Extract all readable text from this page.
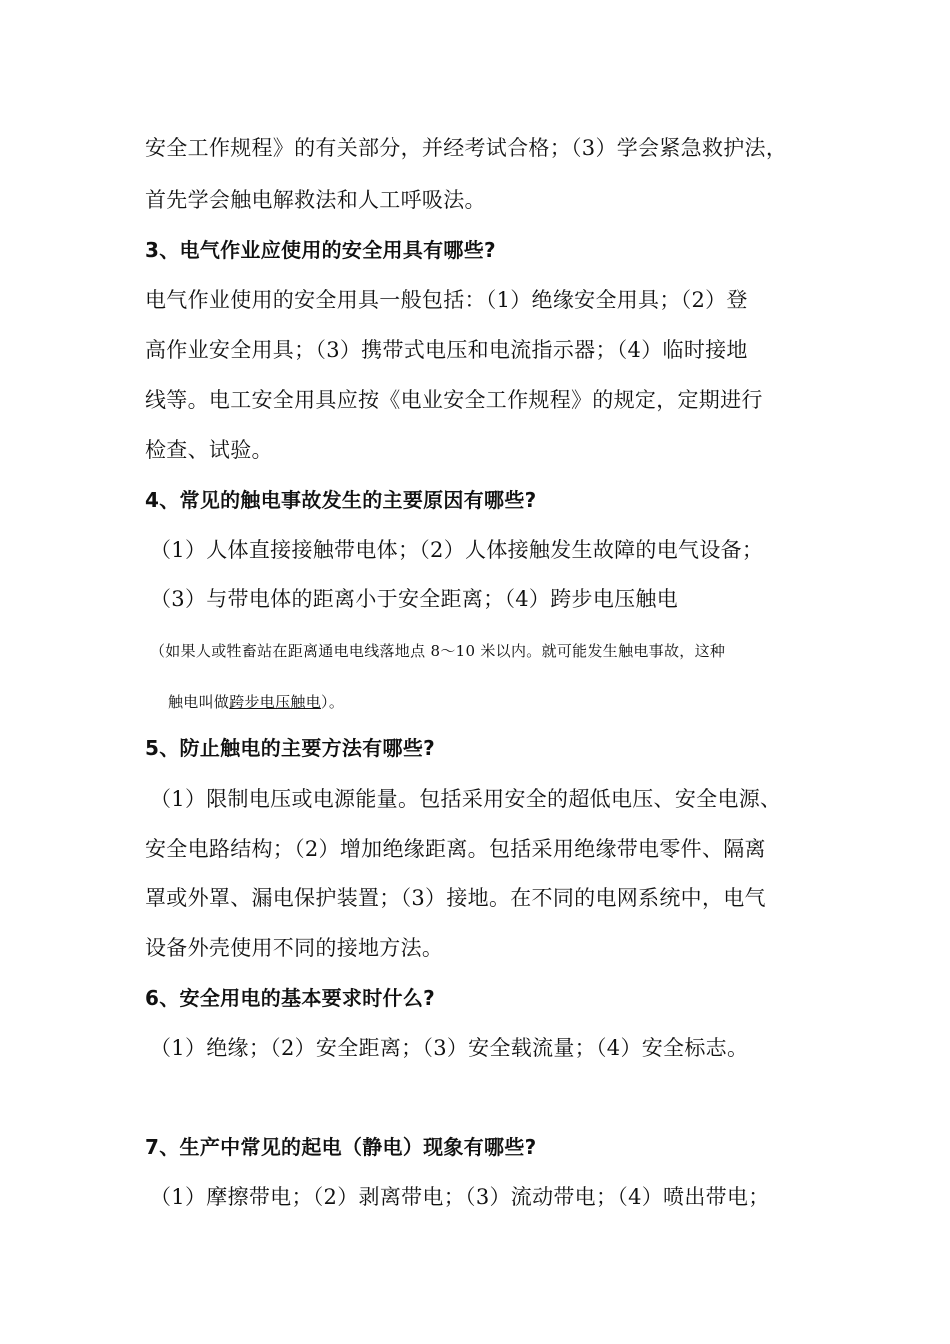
安全工作规程》的有关部分，并经考试合格；（3）学会紧急救护法，
首先学会触电解救法和人工呼吸法。
3、电气作业应使用的安全用具有哪些?
电气作业使用的安全用具一般包括：（1）绝缘安全用具；（2）登
高作业安全用具；（3）携带式电压和电流指示器；（4）临时接地
线等。电工安全用具应按《电业安全工作规程》的规定，定期进行
检查、试验。
4、常见的触电事故发生的主要原因有哪些?
（1）人体直接接触带电体；（2）人体接触发生故障的电气设备；
（3）与带电体的距离小于安全距离；（4）跨步电压触电
（如果人或牲畜站在距离通电电线落地点 8～10 米以内。就可能发生触电事故，这种
触电叫做跨步电压触电）。
5、防止触电的主要方法有哪些?
（1）限制电压或电源能量。包括采用安全的超低电压、安全电源、
安全电路结构；（2）增加绝缘距离。包括采用绝缘带电零件、隔离
罩或外罩、漏电保护装置；（3）接地。在不同的电网系统中，电气
设备外壳使用不同的接地方法。
6、安全用电的基本要求时什么?
（1）绝缘；（2）安全距离；（3）安全载流量；（4）安全标志。
7、生产中常见的起电（静电）现象有哪些?
（1）摩擦带电；（2）剥离带电；（3）流动带电；（4）喷出带电；
